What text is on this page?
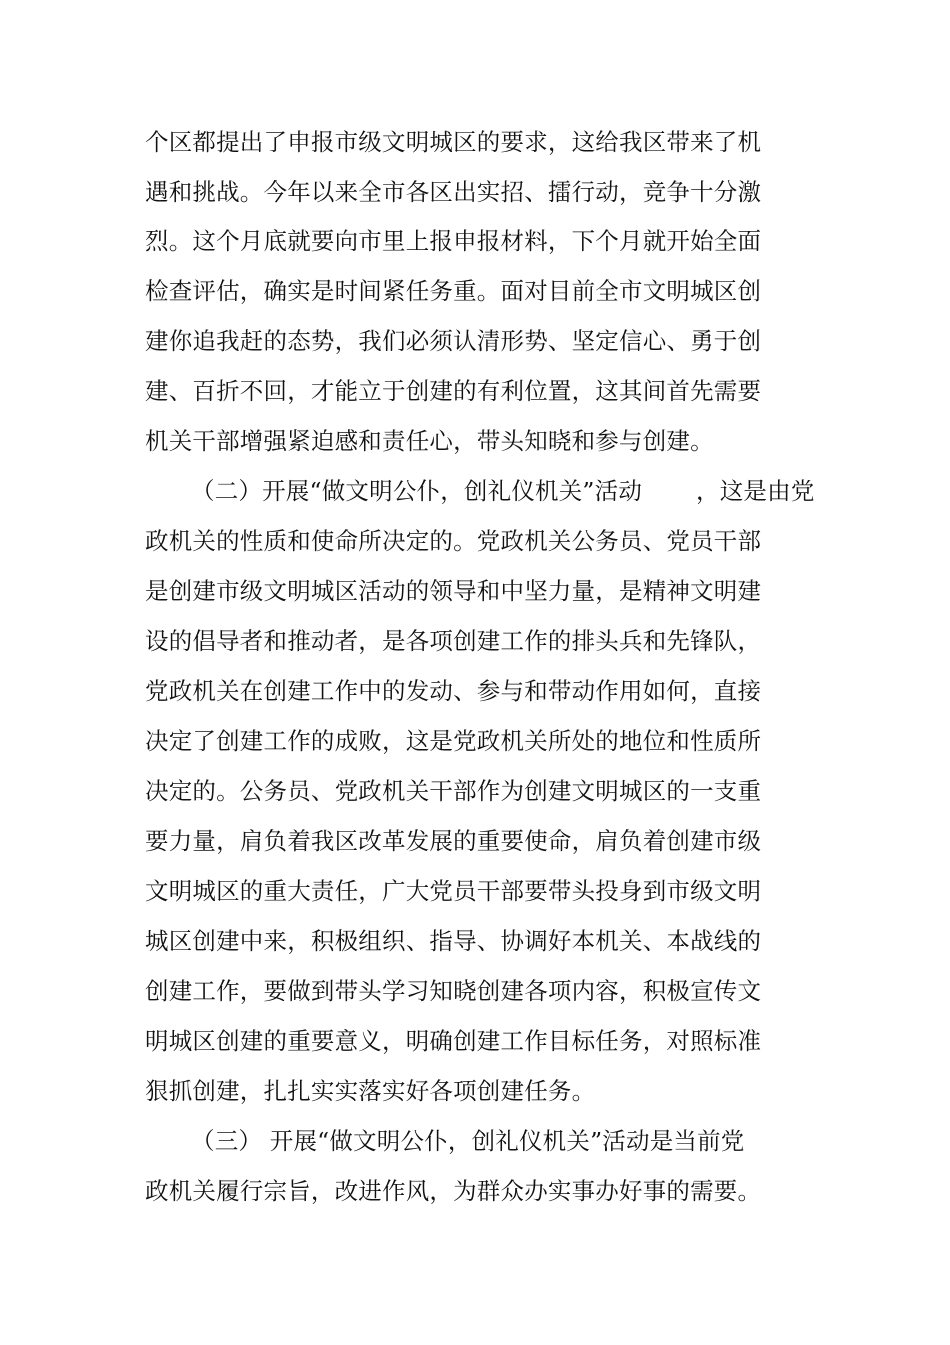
个区都提出了申报市级文明城区的要求，这给我区带来了机
遇和挑战。今年以来全市各区出实招、擂行动，竞争十分激
烈。这个月底就要向市里上报申报材料，下个月就开始全面
检查评估，确实是时间紧任务重。面对目前全市文明城区创
建你追我赶的态势，我们必须认清形势、坚定信心、勇于创
建、百折不回，才能立于创建的有利位置，这其间首先需要
机关干部增强紧迫感和责任心，带头知晓和参与创建。
（二）开展“做文明公仆，创礼仪机关”活动 ，这是由党
政机关的性质和使命所决定的。党政机关公务员、党员干部
是创建市级文明城区活动的领导和中坚力量，是精神文明建
设的倡导者和推动者，是各项创建工作的排头兵和先锋队，
党政机关在创建工作中的发动、参与和带动作用如何，直接
决定了创建工作的成败，这是党政机关所处的地位和性质所
决定的。公务员、党政机关干部作为创建文明城区的一支重
要力量，肩负着我区改革发展的重要使命，肩负着创建市级
文明城区的重大责任，广大党员干部要带头投身到市级文明
城区创建中来，积极组织、指导、协调好本机关、本战线的
创建工作，要做到带头学习知晓创建各项内容，积极宣传文
明城区创建的重要意义，明确创建工作目标任务，对照标准
狠抓创建，扎扎实实落实好各项创建任务。
（三） 开展“做文明公仆，创礼仪机关”活动是当前党
政机关履行宗旨，改进作风，为群众办实事办好事的需要。
